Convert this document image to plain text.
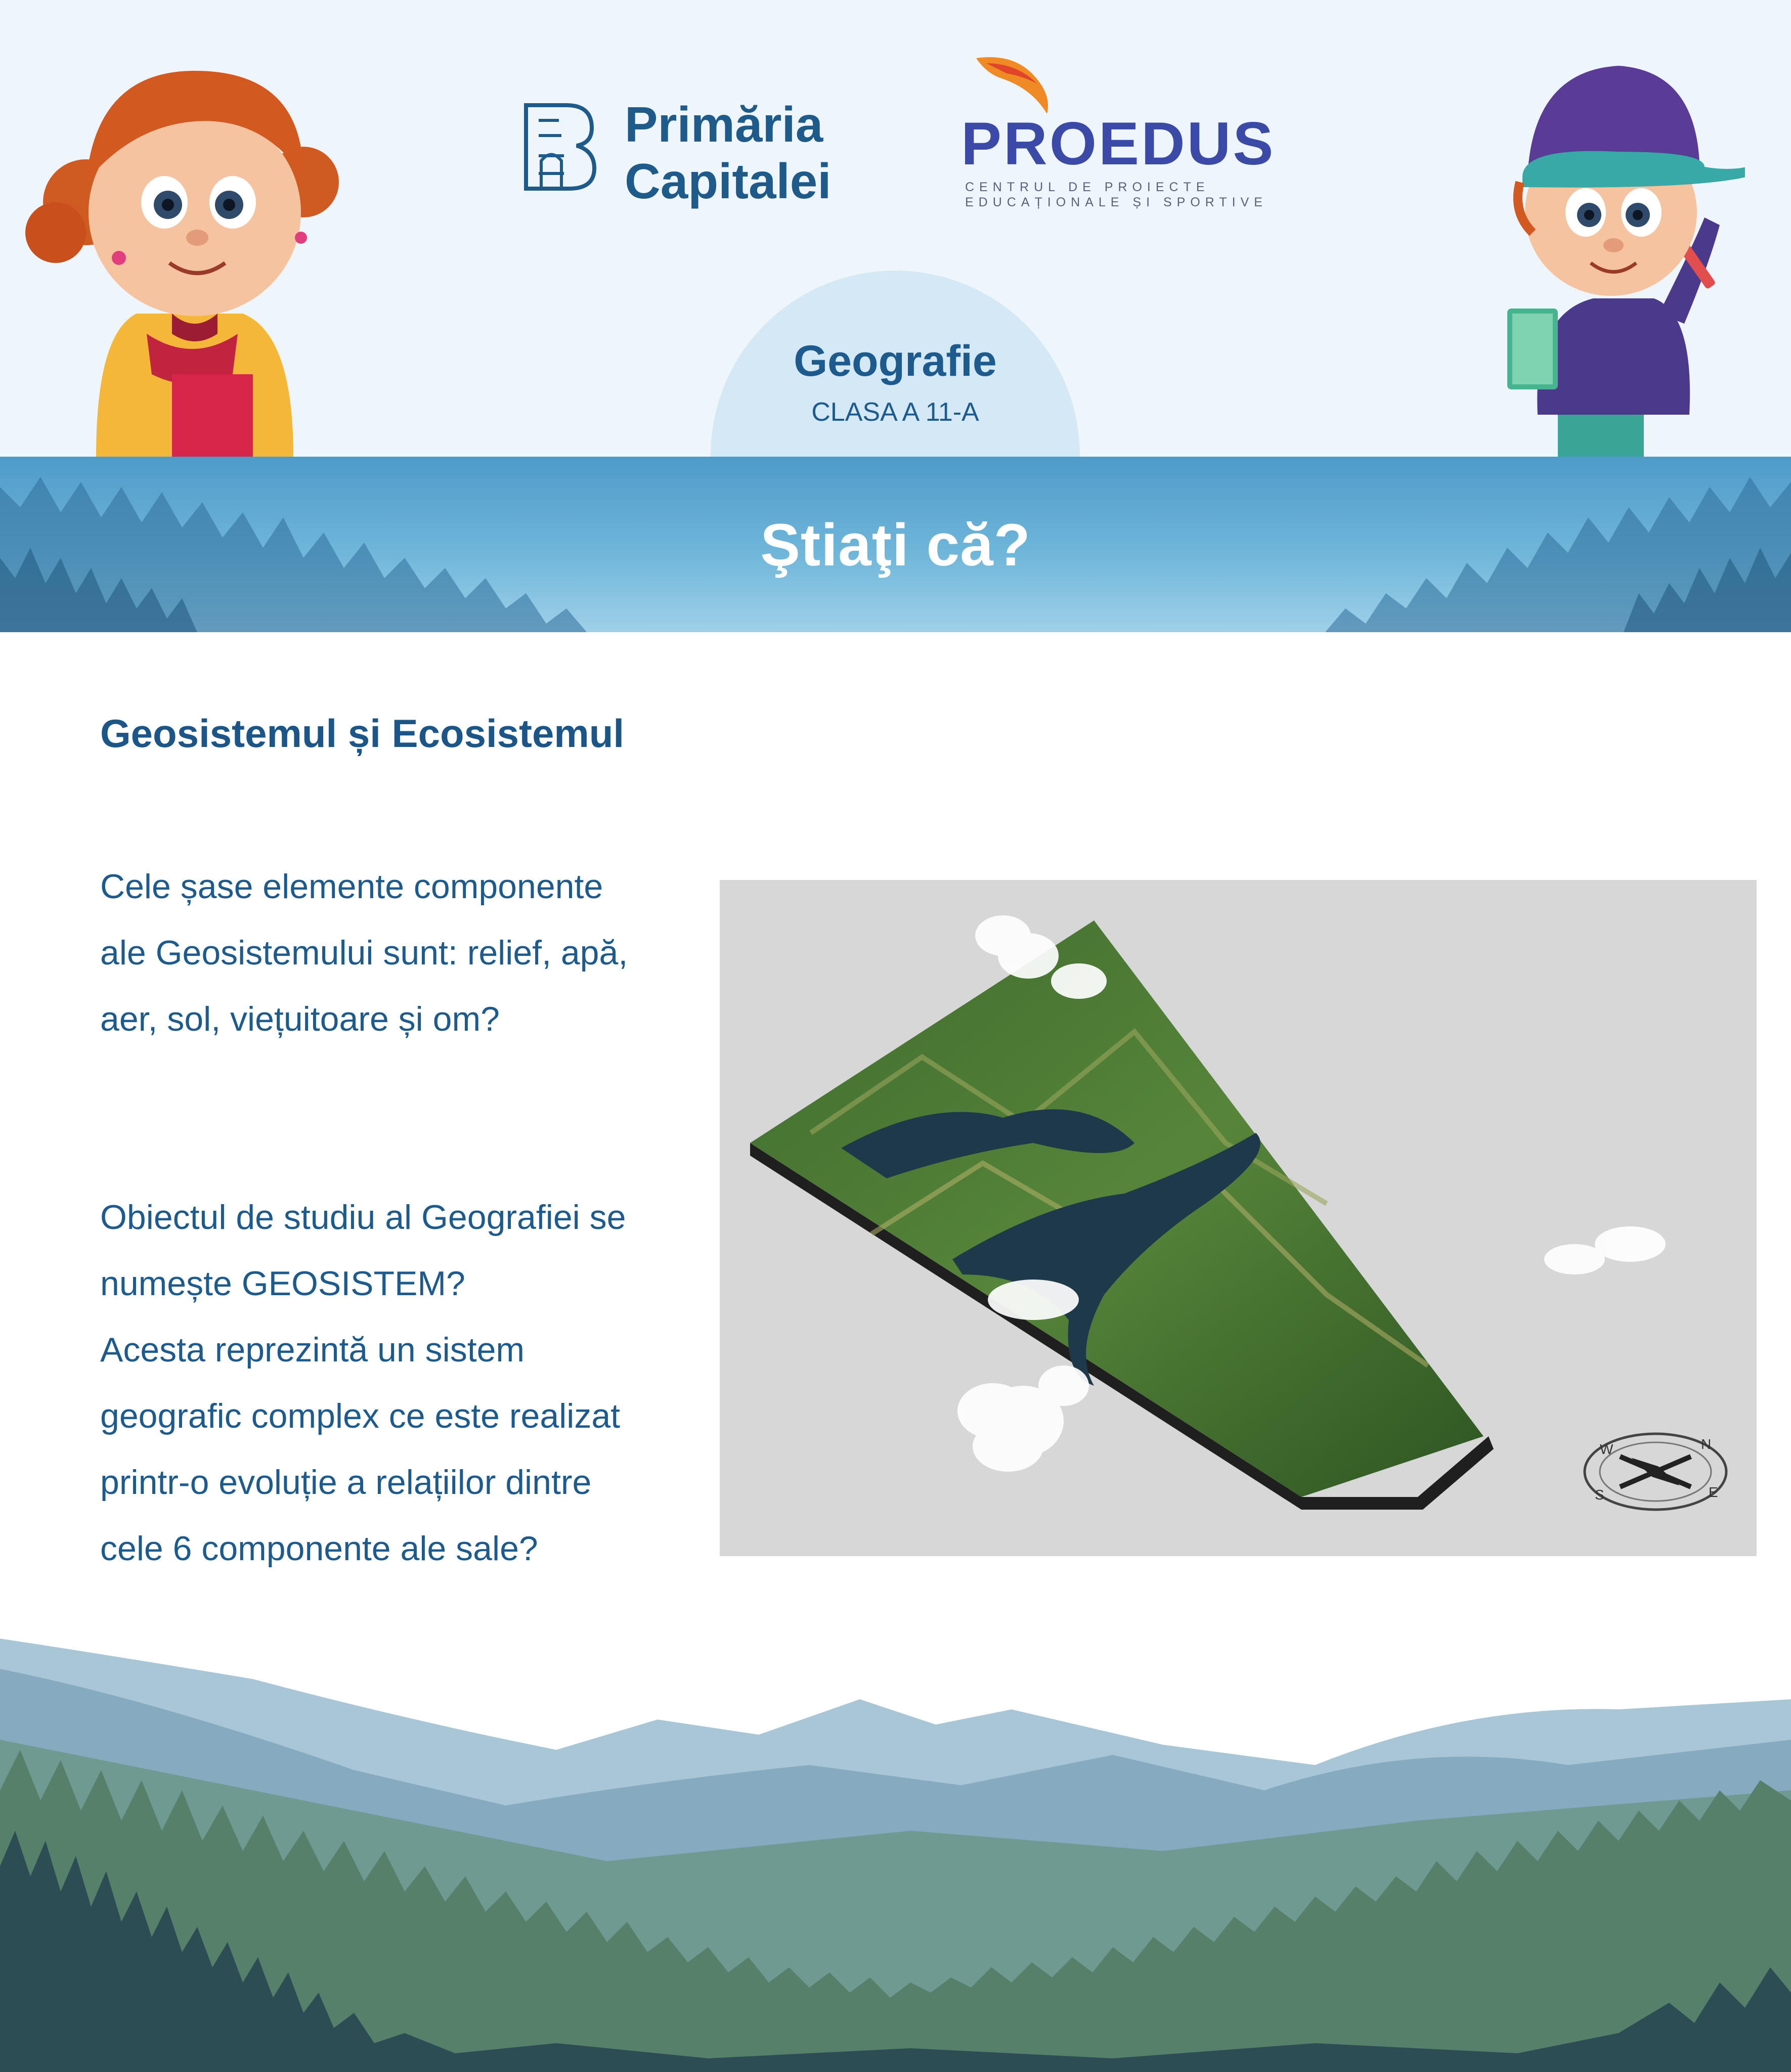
Primăria
Capitalei
PROEDUS
CENTRUL DE PROIECTE
EDUCAȚIONALE ȘI SPORTIVE
Geografie
CLASA A 11-A
Ştiaţi că?
Geosistemul și Ecosistemul
Cele șase elemente componente
ale Geosistemului sunt: relief, apă,
aer, sol, viețuitoare și om?
Obiectul de studiu al Geografiei se
numește GEOSISTEM?
Acesta reprezintă un sistem
geografic complex ce este realizat
printr-o evoluție a relațiilor dintre
cele 6 componente ale sale?
N
E
S
W
